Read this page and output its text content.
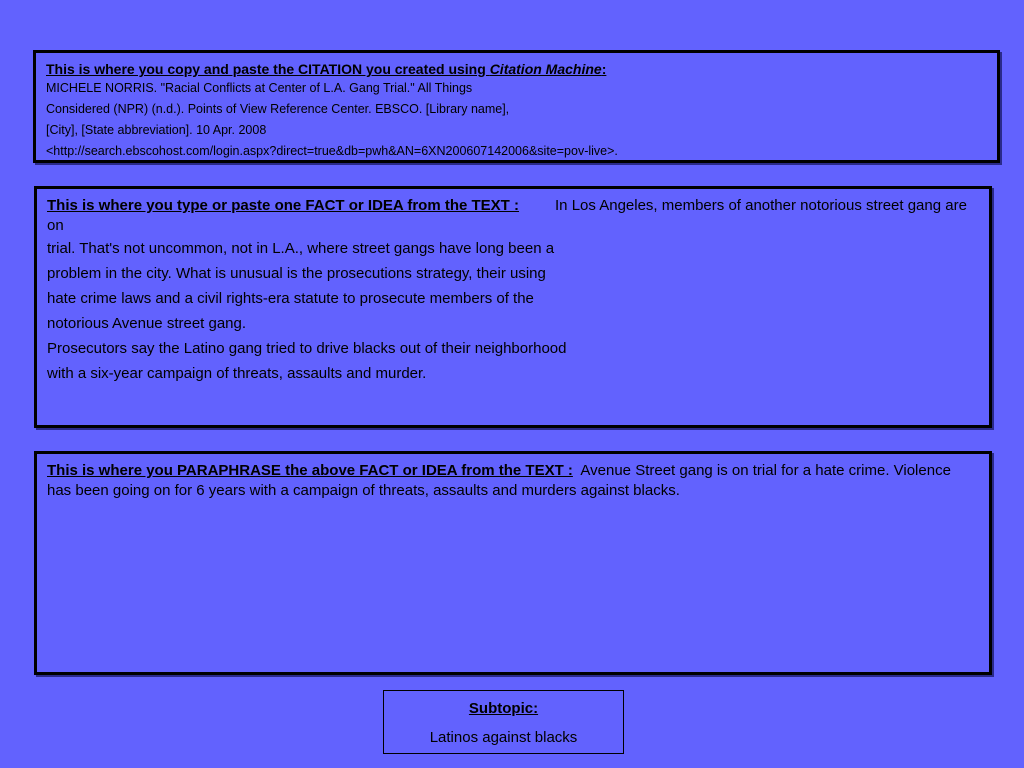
This is where you copy and paste the CITATION you created using Citation Machine:
MICHELE NORRIS. "Racial Conflicts at Center of L.A. Gang Trial." All Things
Considered (NPR) (n.d.). Points of View Reference Center. EBSCO. [Library name],
[City], [State abbreviation]. 10 Apr. 2008
<http://search.ebscohost.com/login.aspx?direct=true&db=pwh&AN=6XN200607142006&site=pov-live>.
This is where you type or paste one FACT or IDEA from the TEXT : In Los Angeles, members of another notorious street gang are on
trial. That's not uncommon, not in L.A., where street gangs have long been a
problem in the city. What is unusual is the prosecutions strategy, their using
hate crime laws and a civil rights-era statute to prosecute members of the
notorious Avenue street gang.
Prosecutors say the Latino gang tried to drive blacks out of their neighborhood
with a six-year campaign of threats, assaults and murder.
This is where you PARAPHRASE the above FACT or IDEA from the TEXT : Avenue Street gang is on trial for a hate crime. Violence has been going on for 6 years with a campaign of threats, assaults and murders against blacks.
Subtopic:
Latinos against blacks
